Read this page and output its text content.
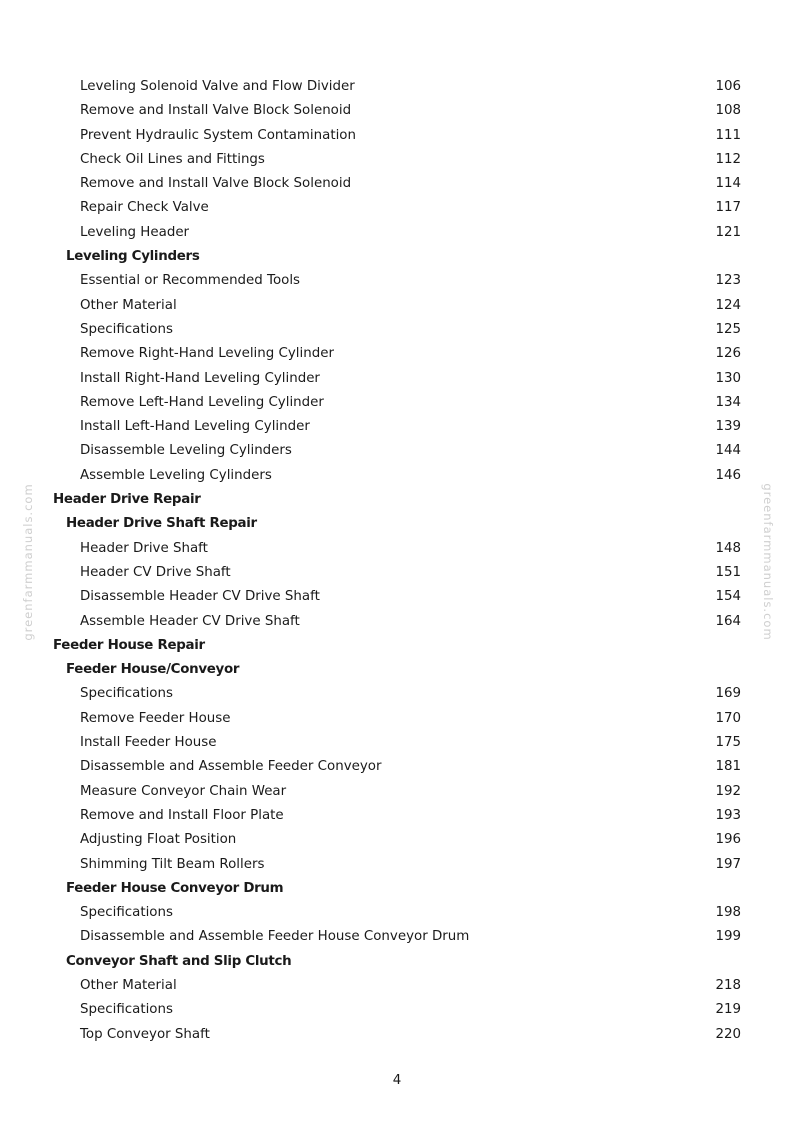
Leveling Solenoid Valve and Flow Divider	106
Remove and Install Valve Block Solenoid	108
Prevent Hydraulic System Contamination	111
Check Oil Lines and Fittings	112
Remove and Install Valve Block Solenoid	114
Repair Check Valve	117
Leveling Header	121
Leveling Cylinders
Essential or Recommended Tools	123
Other Material	124
Specifications	125
Remove Right-Hand Leveling Cylinder	126
Install Right-Hand Leveling Cylinder	130
Remove Left-Hand Leveling Cylinder	134
Install Left-Hand Leveling Cylinder	139
Disassemble Leveling Cylinders	144
Assemble Leveling Cylinders	146
Header Drive Repair
Header Drive Shaft Repair
Header Drive Shaft	148
Header CV Drive Shaft	151
Disassemble Header CV Drive Shaft	154
Assemble Header CV Drive Shaft	164
Feeder House Repair
Feeder House/Conveyor
Specifications	169
Remove Feeder House	170
Install Feeder House	175
Disassemble and Assemble Feeder Conveyor	181
Measure Conveyor Chain Wear	192
Remove and Install Floor Plate	193
Adjusting Float Position	196
Shimming Tilt Beam Rollers	197
Feeder House Conveyor Drum
Specifications	198
Disassemble and Assemble Feeder House Conveyor Drum	199
Conveyor Shaft and Slip Clutch
Other Material	218
Specifications	219
Top Conveyor Shaft	220
greenfarmmanuals.com	greenfarmmanuals.com
4
